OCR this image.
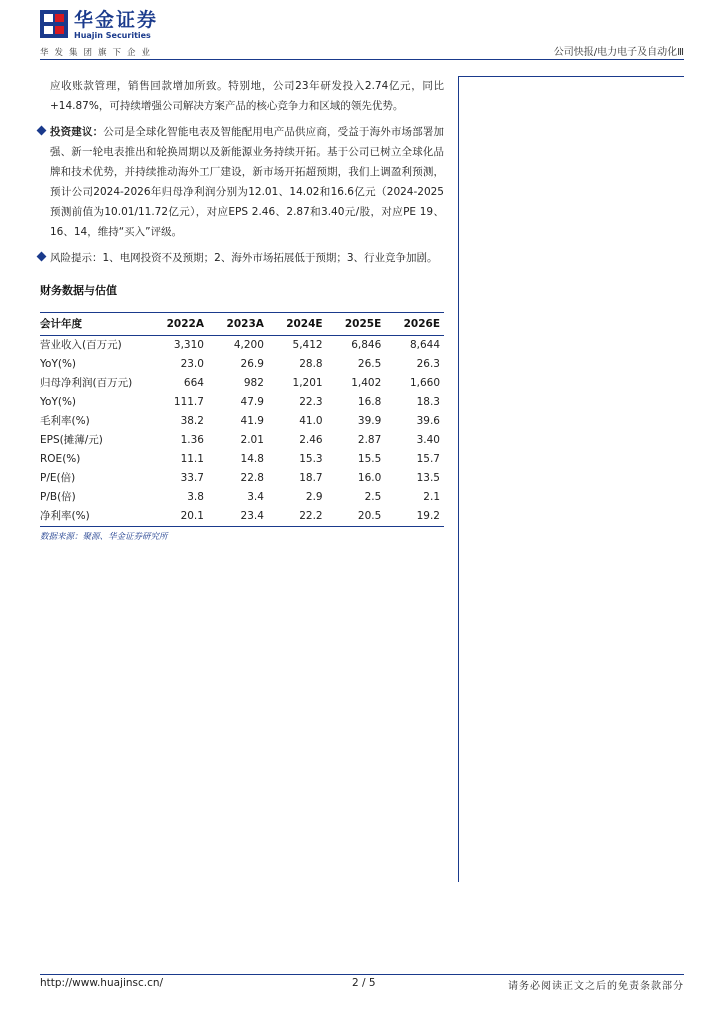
华金证券
Huajin Securities
华发集团旗下企业	公司快报/电力电子及自动化Ⅲ

应收账款管理，销售回款增加所致。特别地，公司23年研发投入2.74亿元，同比+14.87%，可持续增强公司解决方案产品的核心竞争力和区域的领先优势。

投资建议：公司是全球化智能电表及智能配用电产品供应商，受益于海外市场部署加强、新一轮电表推出和轮换周期以及新能源业务持续开拓。基于公司已树立全球化品牌和技术优势，并持续推动海外工厂建设，新市场开拓超预期，我们上调盈利预测，预计公司2024-2026年归母净利润分别为12.01、14.02和16.6亿元（2024-2025预测前值为10.01/11.72亿元），对应EPS 2.46、2.87和3.40元/股，对应PE 19、16、14，维持“买入”评级。

风险提示：1、电网投资不及预期；2、海外市场拓展低于预期；3、行业竞争加剧。

财务数据与估值
会计年度	2022A	2023A	2024E	2025E	2026E
营业收入(百万元)	3,310	4,200	5,412	6,846	8,644
YoY(%)	23.0	26.9	28.8	26.5	26.3
归母净利润(百万元)	664	982	1,201	1,402	1,660
YoY(%)	111.7	47.9	22.3	16.8	18.3
毛利率(%)	38.2	41.9	41.0	39.9	39.6
EPS(摊薄/元)	1.36	2.01	2.46	2.87	3.40
ROE(%)	11.1	14.8	15.3	15.5	15.7
P/E(倍)	33.7	22.8	18.7	16.0	13.5
P/B(倍)	3.8	3.4	2.9	2.5	2.1
净利率(%)	20.1	23.4	22.2	20.5	19.2
数据来源：聚源、华金证券研究所
http://www.huajinsc.cn/	2 / 5	请务必阅读正文之后的免责条款部分
